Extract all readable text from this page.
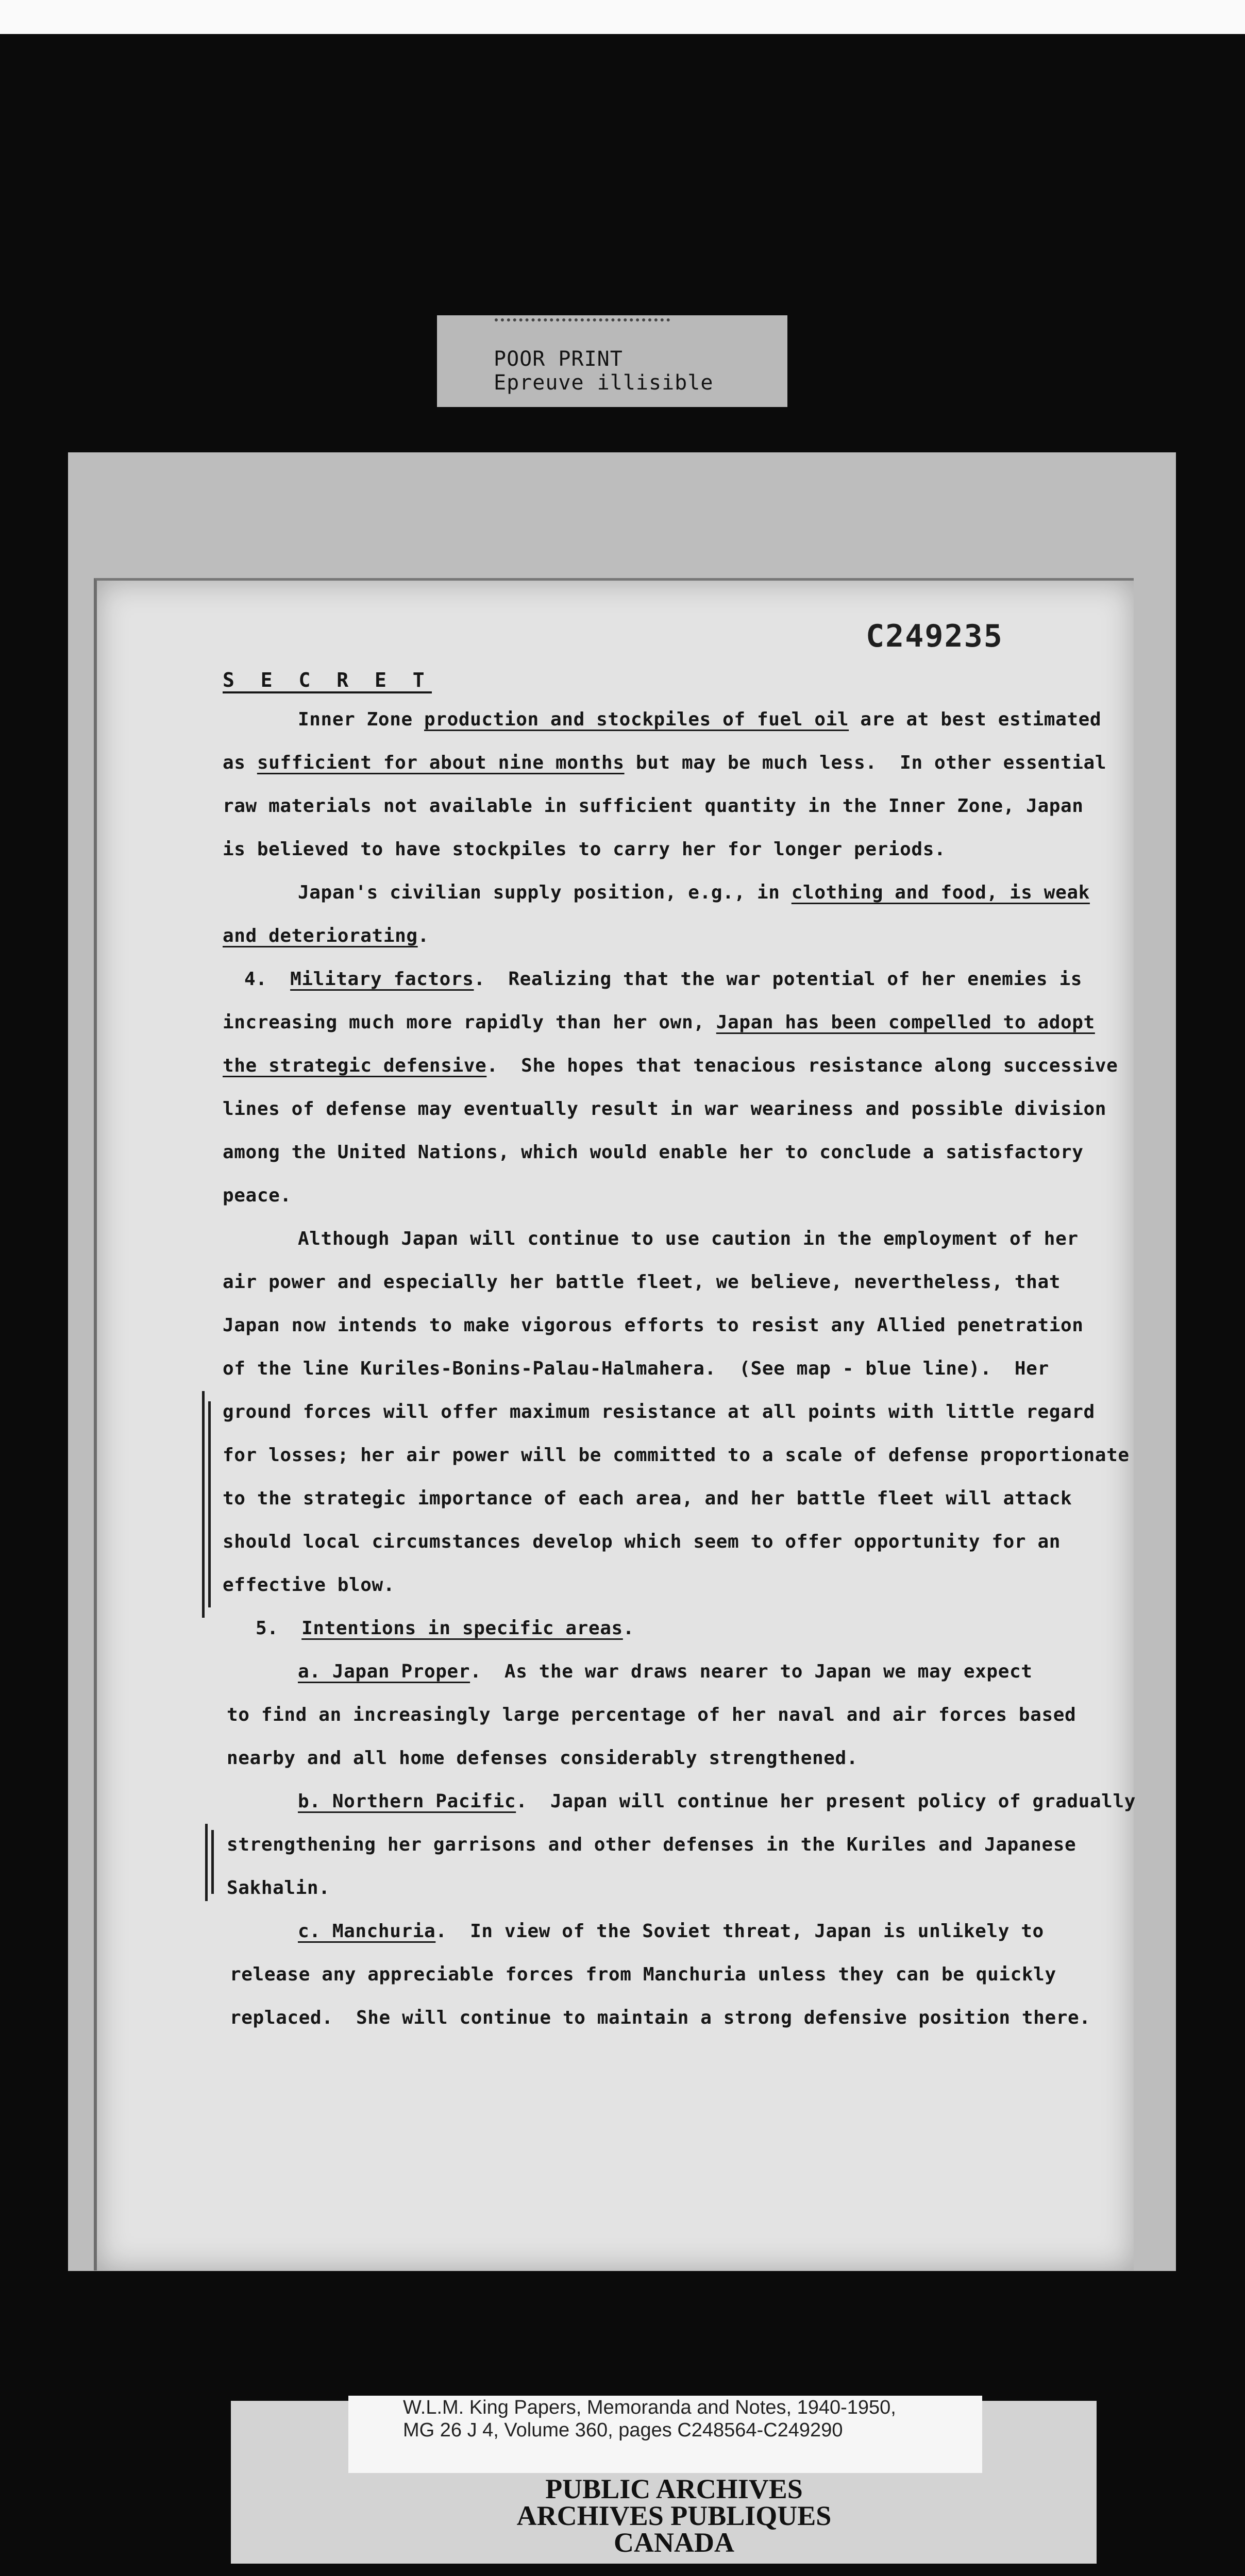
POOR PRINT
Epreuve illisible
C249235
S E C R E T
Inner Zone production and stockpiles of fuel oil are at best estimated
as sufficient for about nine months but may be much less.  In other essential
raw materials not available in sufficient quantity in the Inner Zone, Japan
is believed to have stockpiles to carry her for longer periods.
Japan's civilian supply position, e.g., in clothing and food, is weak
and deteriorating.
4.  Military factors.  Realizing that the war potential of her enemies is
increasing much more rapidly than her own, Japan has been compelled to adopt
the strategic defensive.  She hopes that tenacious resistance along successive
lines of defense may eventually result in war weariness and possible division
among the United Nations, which would enable her to conclude a satisfactory
peace.
Although Japan will continue to use caution in the employment of her
air power and especially her battle fleet, we believe, nevertheless, that
Japan now intends to make vigorous efforts to resist any Allied penetration
of the line Kuriles-Bonins-Palau-Halmahera.  (See map - blue line).  Her
ground forces will offer maximum resistance at all points with little regard
for losses; her air power will be committed to a scale of defense proportionate
to the strategic importance of each area, and her battle fleet will attack
should local circumstances develop which seem to offer opportunity for an
effective blow.
5.  Intentions in specific areas.
a. Japan Proper.  As the war draws nearer to Japan we may expect
to find an increasingly large percentage of her naval and air forces based
nearby and all home defenses considerably strengthened.
b. Northern Pacific.  Japan will continue her present policy of gradually
strengthening her garrisons and other defenses in the Kuriles and Japanese
Sakhalin.
c. Manchuria.  In view of the Soviet threat, Japan is unlikely to
release any appreciable forces from Manchuria unless they can be quickly
replaced.  She will continue to maintain a strong defensive position there.
W.L.M. King Papers, Memoranda and Notes, 1940-1950,
MG 26 J 4, Volume 360, pages C248564-C249290
PUBLIC ARCHIVES
ARCHIVES PUBLIQUES
CANADA
